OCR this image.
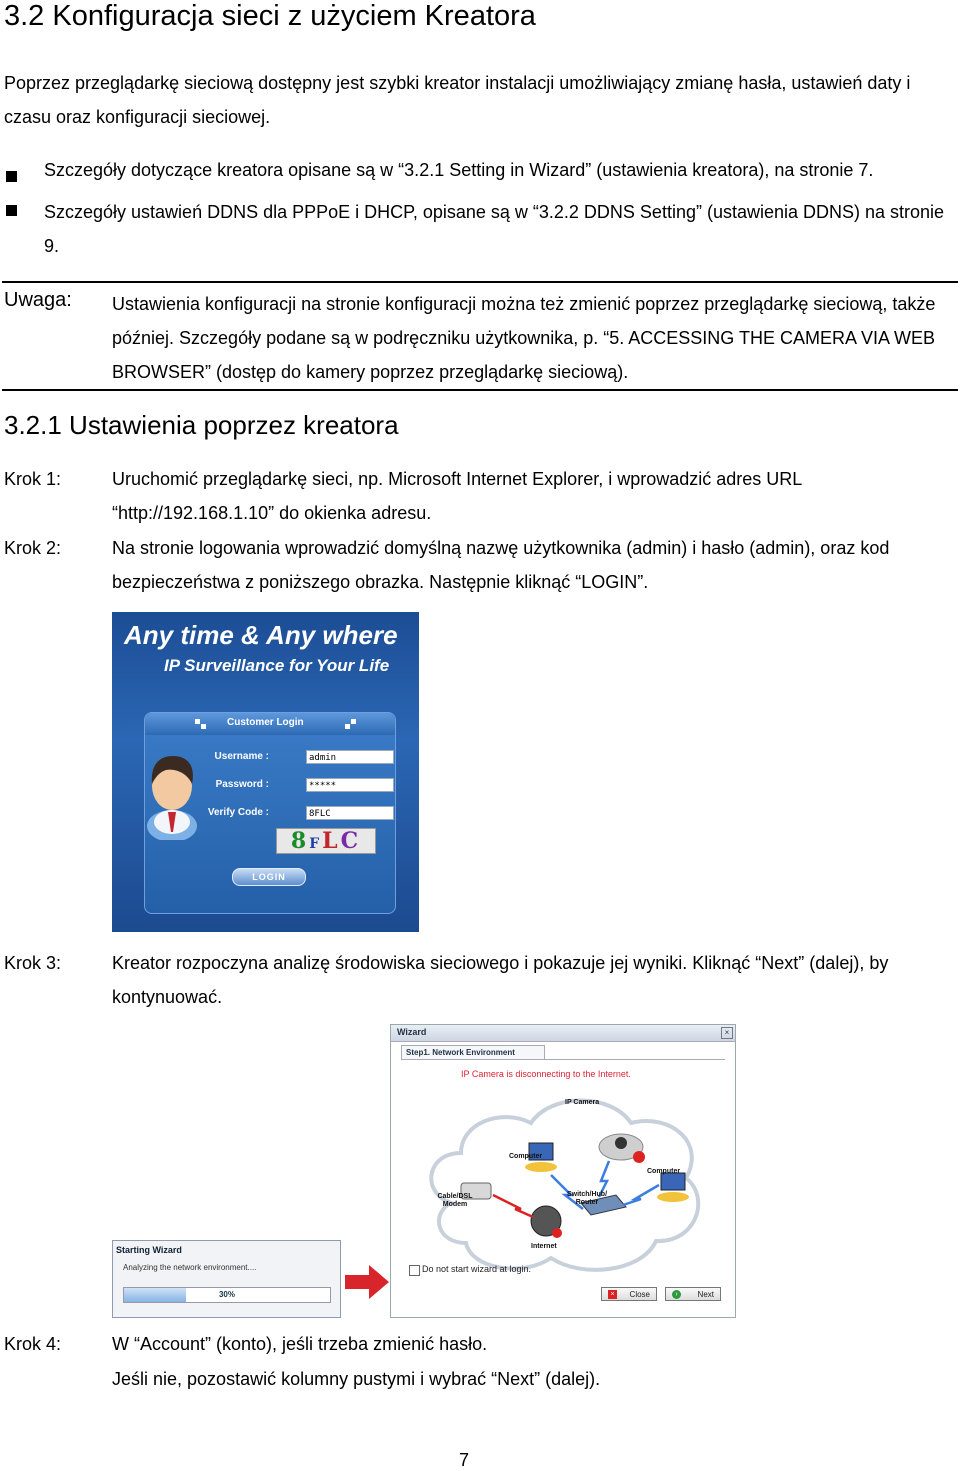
3.2 Konfiguracja sieci z użyciem Kreatora
Poprzez przeglądarkę sieciową dostępny jest szybki kreator instalacji umożliwiający zmianę hasła, ustawień daty i czasu oraz konfiguracji sieciowej.
Szczegóły dotyczące kreatora opisane są w “3.2.1 Setting in Wizard” (ustawienia kreatora), na stronie 7.
Szczegóły ustawień DDNS dla PPPoE i DHCP, opisane są w “3.2.2 DDNS Setting” (ustawienia DDNS) na stronie 9.
Uwaga: Ustawienia konfiguracji na stronie konfiguracji można też zmienić poprzez przeglądarkę sieciową, także później. Szczegóły podane są w podręczniku użytkownika, p. “5. ACCESSING THE CAMERA VIA WEB BROWSER” (dostęp do kamery poprzez przeglądarkę sieciową).
3.2.1 Ustawienia poprzez kreatora
Krok 1:	Uruchomić przeglądarkę sieci, np. Microsoft Internet Explorer, i wprowadzić adres URL “http://192.168.1.10” do okienka adresu.
Krok 2:	Na stronie logowania wprowadzić domyślną nazwę użytkownika (admin) i hasło (admin), oraz kod bezpieczeństwa z poniższego obrazka. Następnie kliknąć “LOGIN”.
Any time & Any where
IP Surveillance for Your Life
Customer Login
Username :	admin
Password :	*****
Verify Code :	8FLC
8FLC
LOGIN
Krok 3:	Kreator rozpoczyna analizę środowiska sieciowego i pokazuje jej wyniki. Kliknąć “Next” (dalej), by kontynuować.
Starting Wizard
Analyzing the network environment....
30%
Wizard	×
Step1. Network Environment
IP Camera is disconnecting to the Internet.
IP Camera
Computer
Computer
Cable/DSL Modem
Switch/Hub/ Router
Internet
Do not start wizard at login.
×	Close	›	Next
Krok 4:	W “Account” (konto), jeśli trzeba zmienić hasło.
Jeśli nie, pozostawić kolumny pustymi i wybrać “Next” (dalej).
7
